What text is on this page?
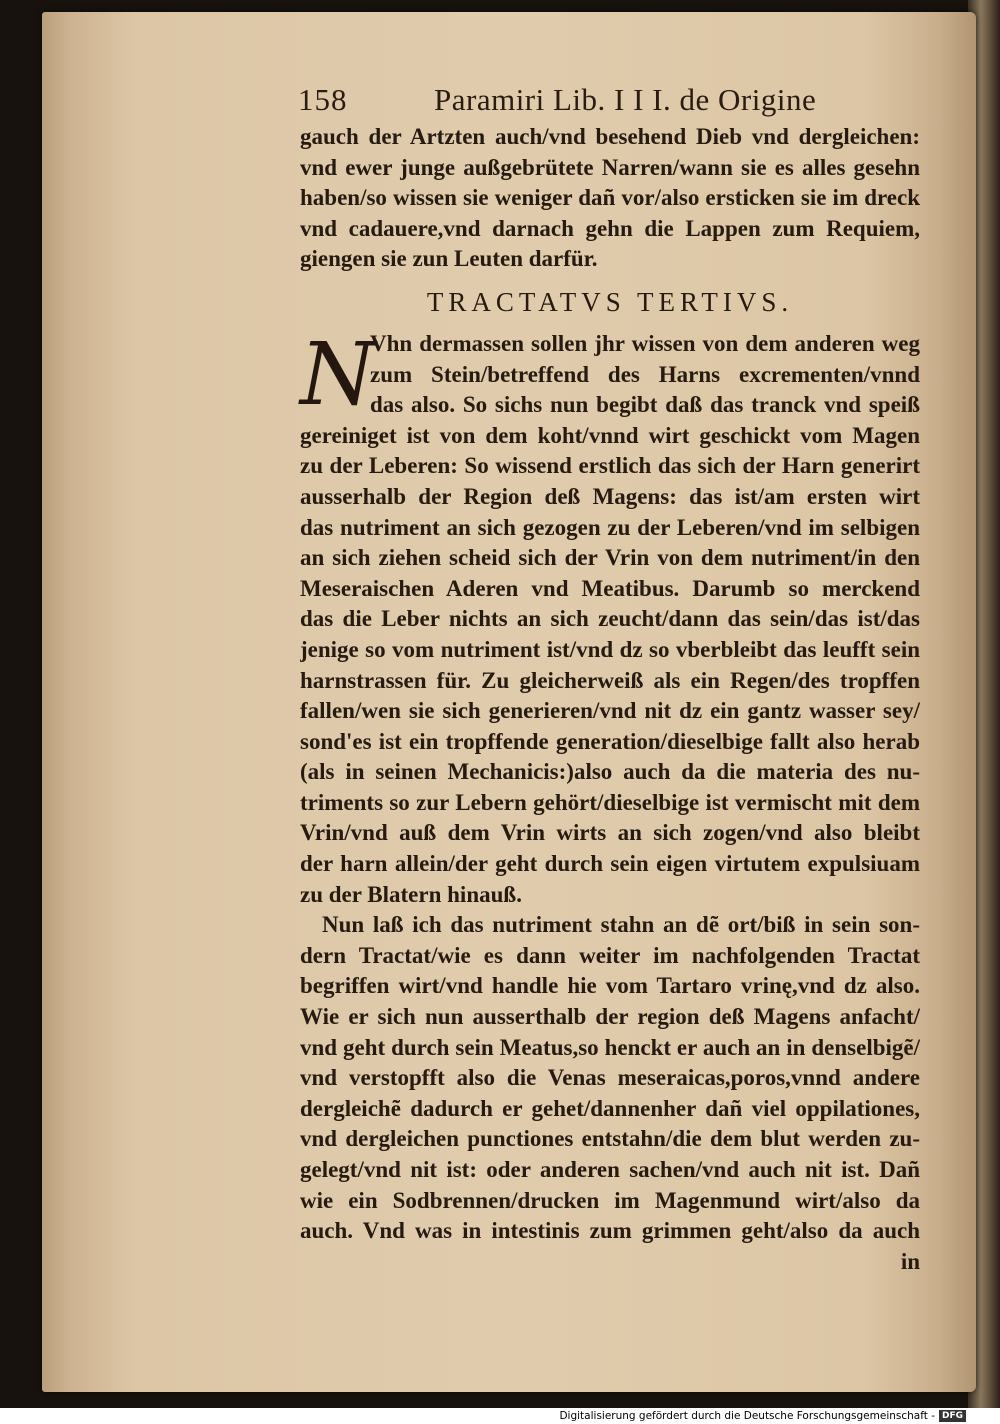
158	Paramiri Lib. I I I. de Origine
gauch der Artzten auch/vnd besehend Dieb vnd dergleichen:
vnd ewer junge außgebrütete Narren/wann sie es alles gesehn
haben/so wissen sie weniger dañ vor/also ersticken sie im dreck
vnd cadauere,vnd darnach gehn die Lappen zum Requiem,
giengen sie zun Leuten darfür.
TRACTATVS TERTIVS.
N
Vhn dermassen sollen jhr wissen von dem anderen weg
zum Stein/betreffend des Harns excrementen/vnnd
das also. So sichs nun begibt daß das tranck vnd speiß
gereiniget ist von dem koht/vnnd wirt geschickt vom Magen
zu der Leberen: So wissend erstlich das sich der Harn generirt
ausserhalb der Region deß Magens: das ist/am ersten wirt
das nutriment an sich gezogen zu der Leberen/vnd im selbigen
an sich ziehen scheid sich der Vrin von dem nutriment/in den
Meseraischen Aderen vnd Meatibus. Darumb so merckend
das die Leber nichts an sich zeucht/dann das sein/das ist/das
jenige so vom nutriment ist/vnd dz so vberbleibt das leufft sein
harnstrassen für. Zu gleicherweiß als ein Regen/des tropffen
fallen/wen sie sich generieren/vnd nit dz ein gantz wasser sey/
sond'es ist ein tropffende generation/dieselbige fallt also herab
(als in seinen Mechanicis:)also auch da die materia des nu-
triments so zur Lebern gehört/dieselbige ist vermischt mit dem
Vrin/vnd auß dem Vrin wirts an sich zogen/vnd also bleibt
der harn allein/der geht durch sein eigen virtutem expulsiuam
zu der Blatern hinauß.
Nun laß ich das nutriment stahn an dẽ ort/biß in sein son-
dern Tractat/wie es dann weiter im nachfolgenden Tractat
begriffen wirt/vnd handle hie vom Tartaro vrinę,vnd dz also.
Wie er sich nun ausserthalb der region deß Magens anfacht/
vnd geht durch sein Meatus,so henckt er auch an in denselbigẽ/
vnd verstopfft also die Venas meseraicas,poros,vnnd andere
dergleichẽ dadurch er gehet/dannenher dañ viel oppilationes,
vnd dergleichen punctiones entstahn/die dem blut werden zu-
gelegt/vnd nit ist: oder anderen sachen/vnd auch nit ist. Dañ
wie ein Sodbrennen/drucken im Magenmund wirt/also da
auch. Vnd was in intestinis zum grimmen geht/also da auch
in
Digitalisierung gefördert durch die Deutsche Forschungsgemeinschaft - DFG
